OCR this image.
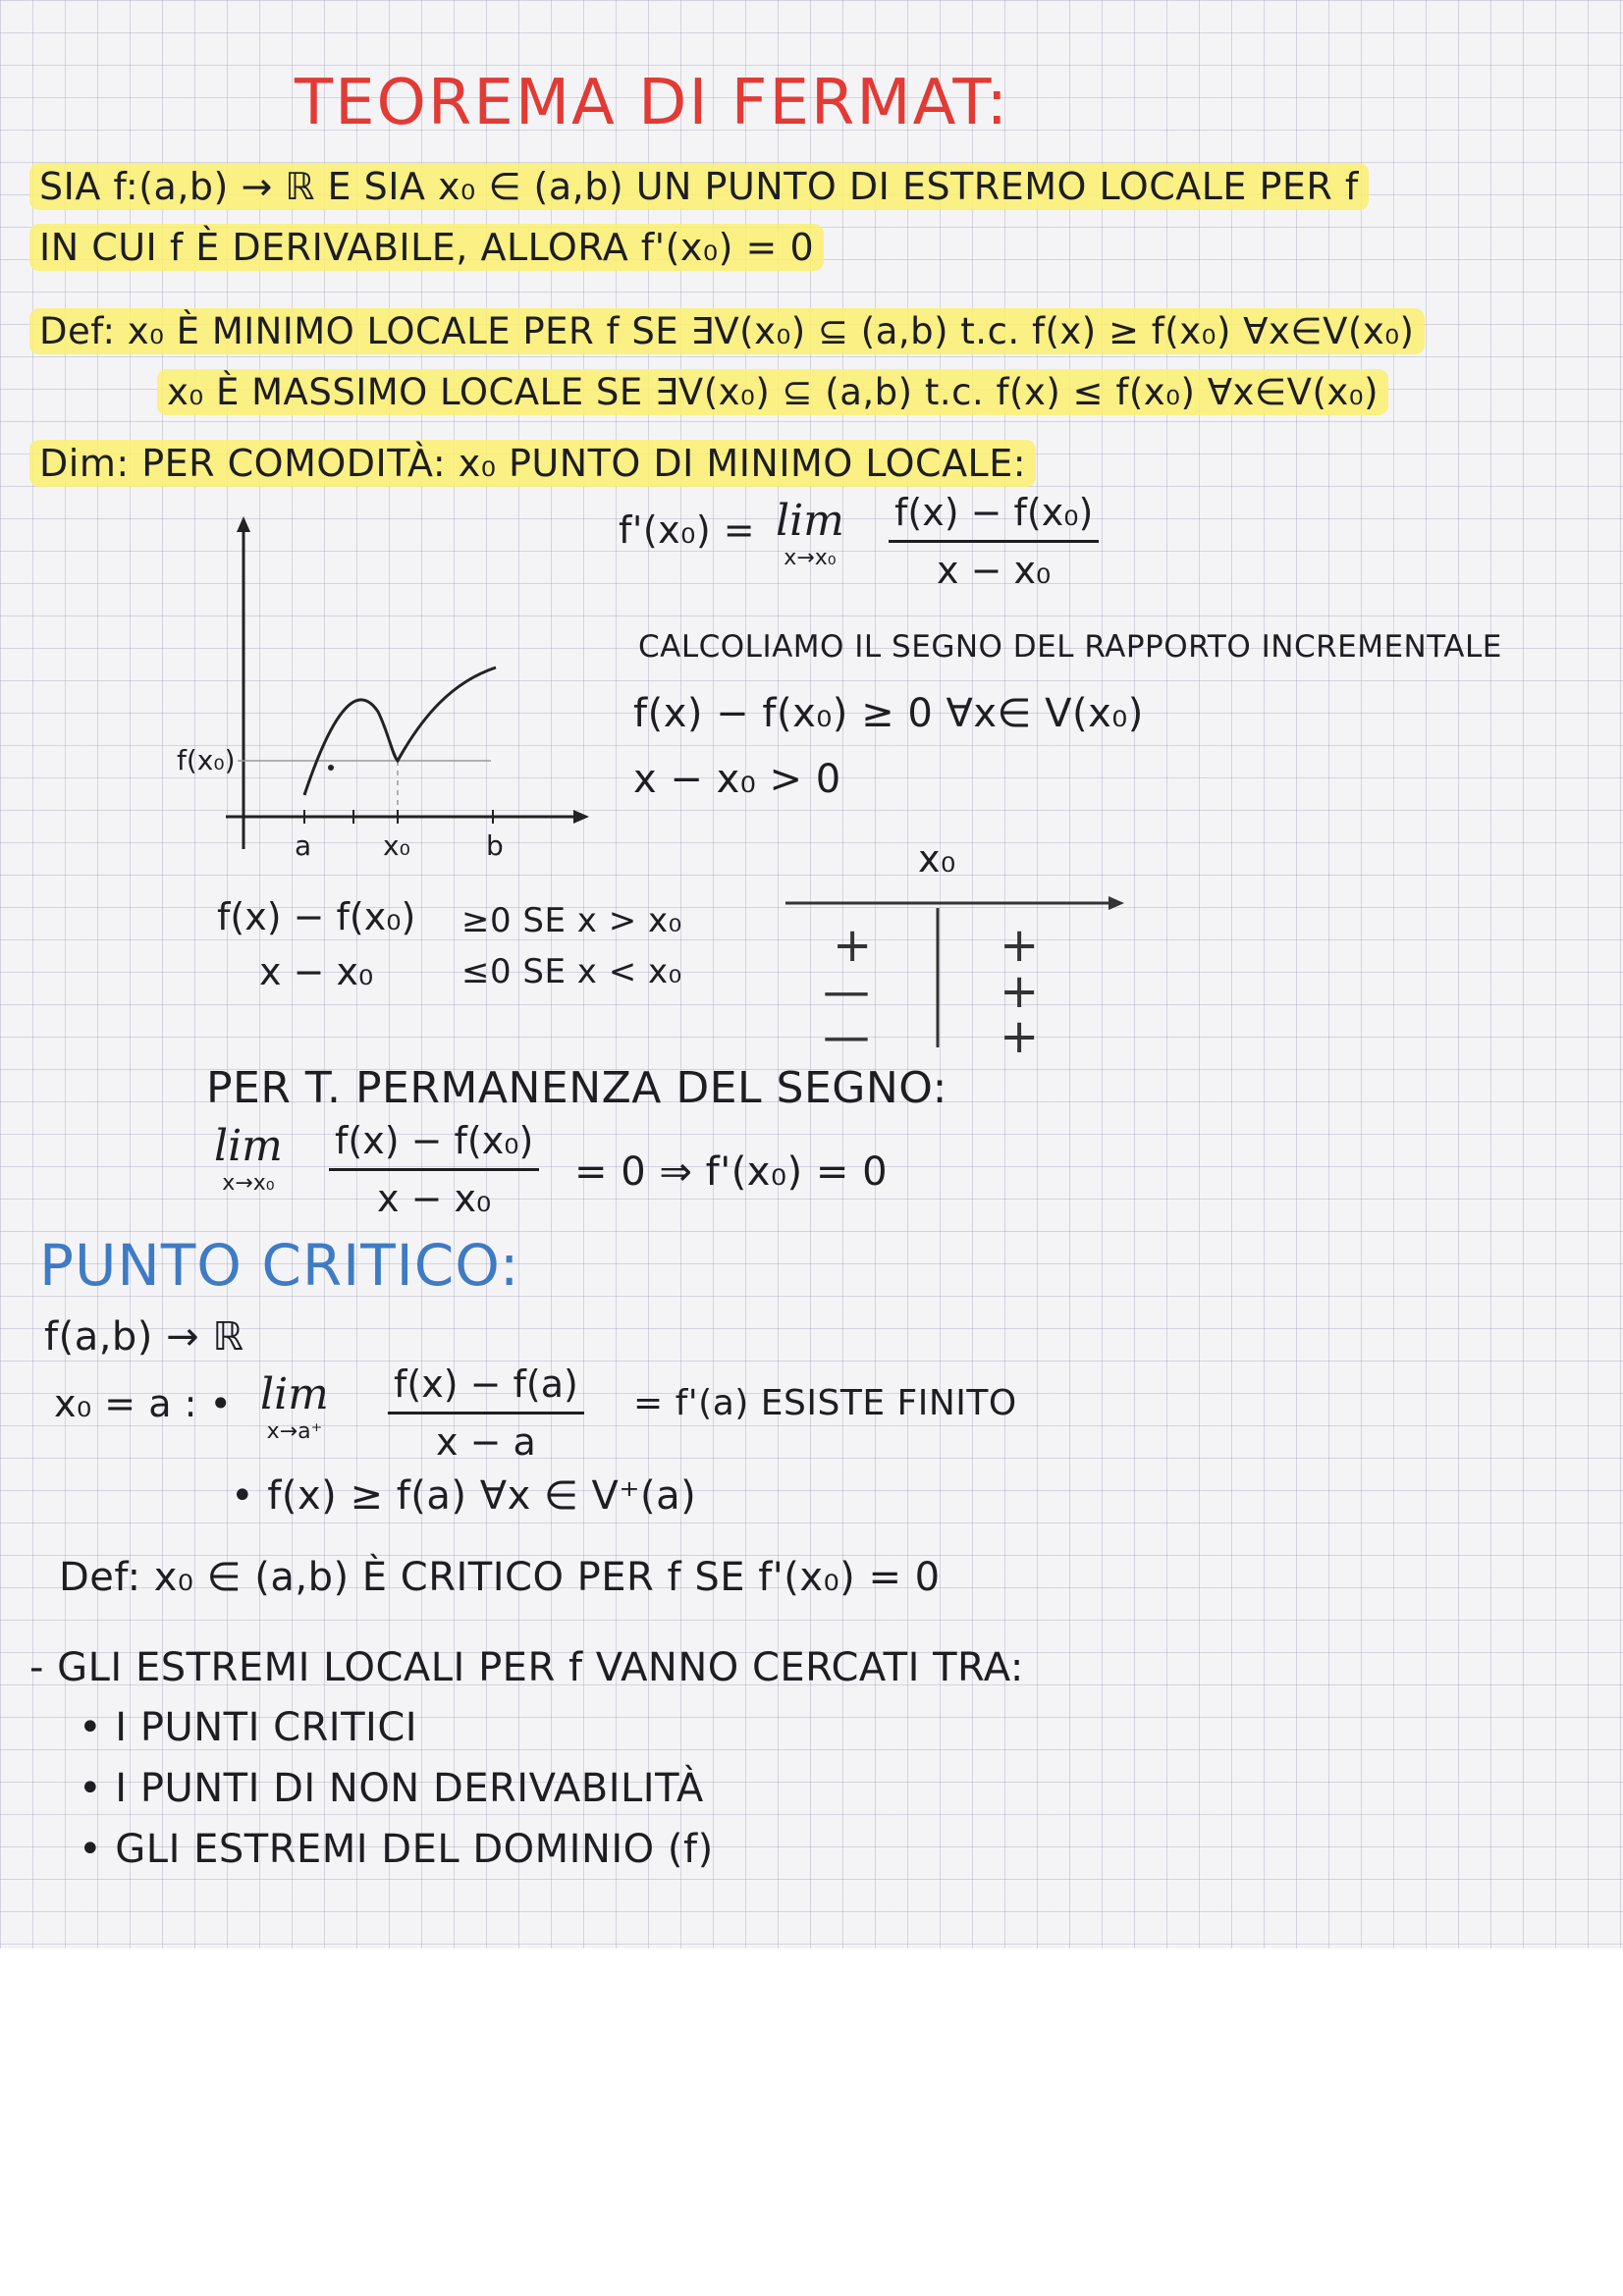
TEOREMA DI FERMAT:
SIA f:(a,b) → ℝ E SIA x₀ ∈ (a,b) UN PUNTO DI ESTREMO LOCALE PER f
IN CUI f È DERIVABILE, ALLORA f'(x₀) = 0
Def: x₀ È MINIMO LOCALE PER f SE ∃V(x₀) ⊆ (a,b) t.c. f(x) ≥ f(x₀) ∀x∈V(x₀)
x₀ È MASSIMO LOCALE SE ∃V(x₀) ⊆ (a,b) t.c. f(x) ≤ f(x₀) ∀x∈V(x₀)
Dim: PER COMODITÀ: x₀ PUNTO DI MINIMO LOCALE:
f'(x₀) = lim
$x\to x_0 \frac{\text{f(x) − f(x₀)}}{\text{x − x₀}}$
CALCOLIAMO IL SEGNO DEL RAPPORTO INCREMENTALE
f(x) − f(x₀) ≥ 0 ∀x∈ V(x₀)
x − x₀ > 0
f(x₀)
a	x₀	b
f(x) − f(x₀)
x − x₀
≥0 SE x > x₀
≤0 SE x < x₀
x₀
+
—
—
+
+
+
PER T. PERMANENZA DEL SEGNO:
lim
$x\to x_0 \frac{\text{f(x) − f(x₀)}}{\text{x − x₀}} = 0$ ⇒ f'(x₀) = 0
PUNTO CRITICO:
f(a,b) → ℝ
x₀ = a : • lim
$x\to a^+ \frac{f(x) - f(a)}{x - a} = f'(a)$ ESISTE FINITO
• f(x) ≥ f(a) ∀x ∈ V⁺(a)
Def: x₀ ∈ (a,b) È CRITICO PER f SE f'(x₀) = 0
- GLI ESTREMI LOCALI PER f VANNO CERCATI TRA:
• I PUNTI CRITICI
• I PUNTI DI NON DERIVABILITÀ
• GLI ESTREMI DEL DOMINIO (f)
